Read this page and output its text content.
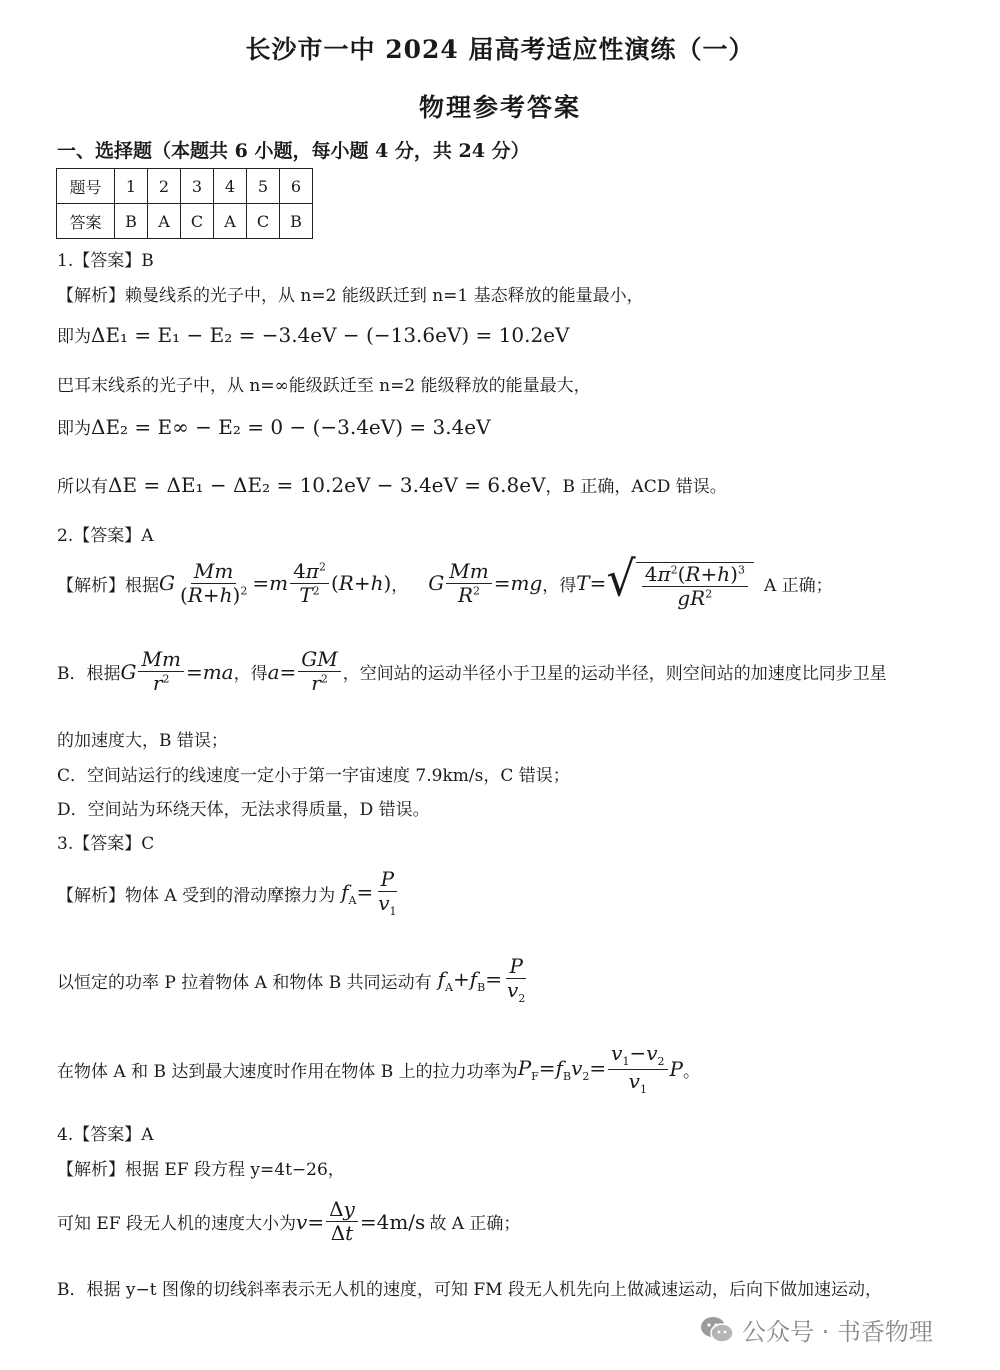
长沙市一中 2024 届高考适应性演练（一）
物理参考答案
一、选择题（本题共 6 小题，每小题 4 分，共 24 分）
题号	1	2	3	4	5	6
答案	B	A	C	A	C	B
1.【答案】B
【解析】赖曼线系的光子中，从 n=2 能级跃迁到 n=1 基态释放的能量最小，
即为ΔE₁ = E₁ − E₂ = −3.4eV − (−13.6eV) = 10.2eV
巴耳末线系的光子中，从 n=∞能级跃迁至 n=2 能级释放的能量最大，
即为ΔE₂ = E∞ − E₂ = 0 − (−3.4eV) = 3.4eV
所以有ΔE = ΔE₁ − ΔE₂ = 10.2eV − 3.4eV = 6.8eV，B 正确，ACD 错误。
2.【答案】A
【解析】根据 G $\frac{Mm}{(R+h)^2} =m \frac{4\pi^2}{T^2} (R+h)$ ， G $\frac{Mm}{R^2} =mg$ ，得 T= √ $\frac{4\pi^2(R+h)^3}{gR^2}$ A 正确；
B．根据 G $\frac{Mm}{r^2} =ma$ ，得 $a= \frac{GM}{r^2}$ ，空间站的运动半径小于卫星的运动半径，则空间站的加速度比同步卫星
的加速度大，B 错误；
C．空间站运行的线速度一定小于第一宇宙速度 7.9km/s，C 错误；
D．空间站为环绕天体，无法求得质量，D 错误。
3.【答案】C
【解析】物体 A 受到的滑动摩擦力为 $f_A= \frac{P}{v_1}$
以恒定的功率 P 拉着物体 A 和物体 B 共同运动有 $f_A+f_B= \frac{P}{v_2}$
在物体 A 和 B 达到最大速度时作用在物体 B 上的拉力功率为 $P_F=f_Bv_2= \frac{v_1-v_2}{v_1}$ P 。
4.【答案】A
【解析】根据 EF 段方程 y=4t−26，
可知 EF 段无人机的速度大小为 $v= \frac{\Delta y}{\Delta t} =4m/s$ 故 A 正确；
B．根据 y−t 图像的切线斜率表示无人机的速度，可知 FM 段无人机先向上做减速运动，后向下做加速运动，
公众号 · 书香物理
